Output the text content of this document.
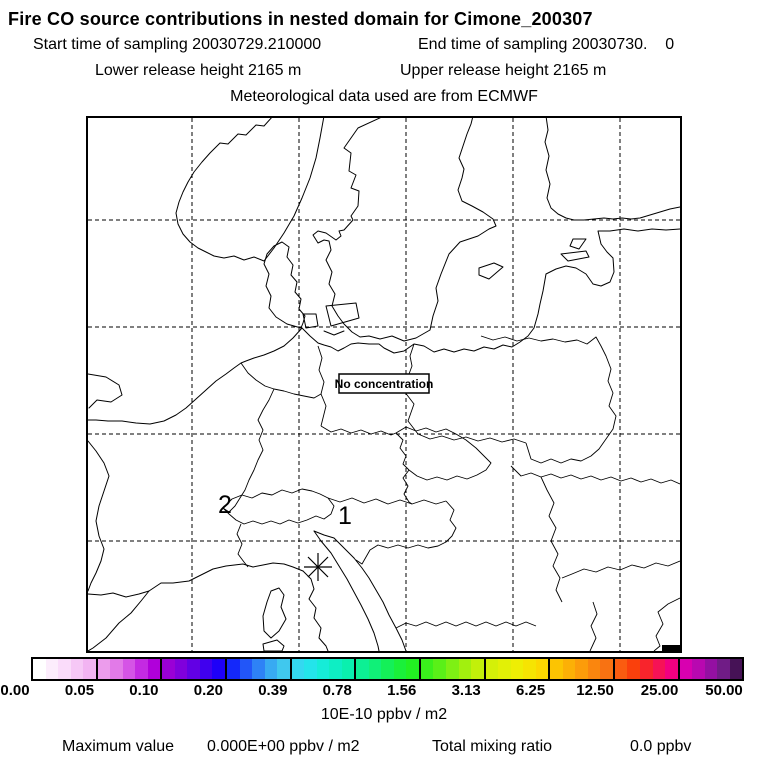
Fire CO source contributions in nested domain for Cimone_200307
Start time of sampling 20030729.210000	End time of sampling 20030730.    0
Lower release height 2165 m	Upper release height 2165 m
Meteorological data used are from ECMWF
2	1
No concentration
0.00 0.05 0.10 0.20 0.39 0.78 1.56 3.13 6.25 12.50 25.00 50.00
10E-10 ppbv / m2
Maximum value 0.000E+00 ppbv / m2	Total mixing ratio	0.0 ppbv
